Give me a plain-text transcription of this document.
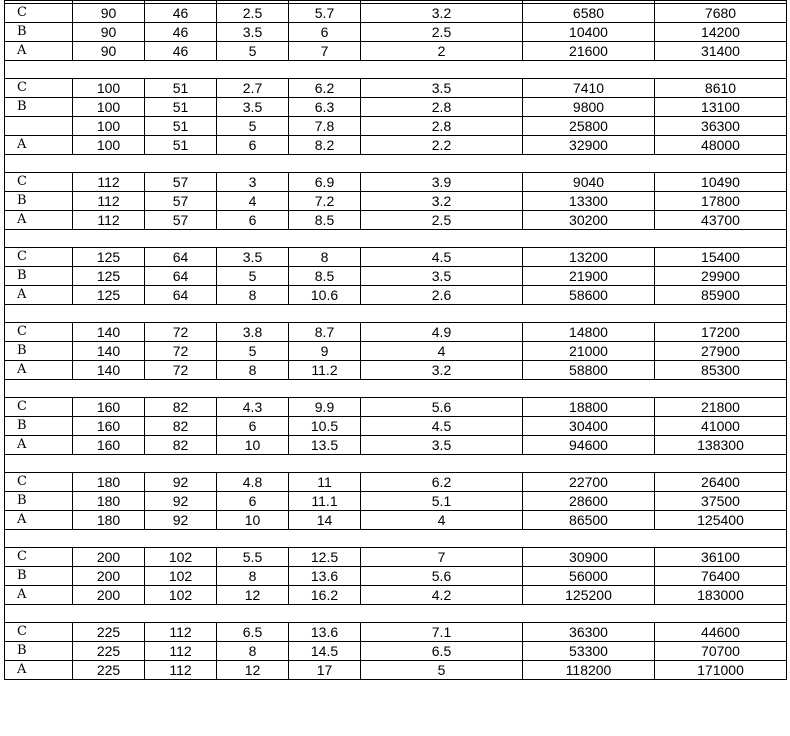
C	90	46	2.5	5.7	3.2	6580	7680
B	90	46	3.5	6	2.5	10400	14200
A	90	46	5	7	2	21600	31400

C	100	51	2.7	6.2	3.5	7410	8610
B	100	51	3.5	6.3	2.8	9800	13100
	100	51	5	7.8	2.8	25800	36300
A	100	51	6	8.2	2.2	32900	48000

C	112	57	3	6.9	3.9	9040	10490
B	112	57	4	7.2	3.2	13300	17800
A	112	57	6	8.5	2.5	30200	43700

C	125	64	3.5	8	4.5	13200	15400
B	125	64	5	8.5	3.5	21900	29900
A	125	64	8	10.6	2.6	58600	85900

C	140	72	3.8	8.7	4.9	14800	17200
B	140	72	5	9	4	21000	27900
A	140	72	8	11.2	3.2	58800	85300

C	160	82	4.3	9.9	5.6	18800	21800
B	160	82	6	10.5	4.5	30400	41000
A	160	82	10	13.5	3.5	94600	138300

C	180	92	4.8	11	6.2	22700	26400
B	180	92	6	11.1	5.1	28600	37500
A	180	92	10	14	4	86500	125400

C	200	102	5.5	12.5	7	30900	36100
B	200	102	8	13.6	5.6	56000	76400
A	200	102	12	16.2	4.2	125200	183000

C	225	112	6.5	13.6	7.1	36300	44600
B	225	112	8	14.5	6.5	53300	70700
A	225	112	12	17	5	118200	171000
